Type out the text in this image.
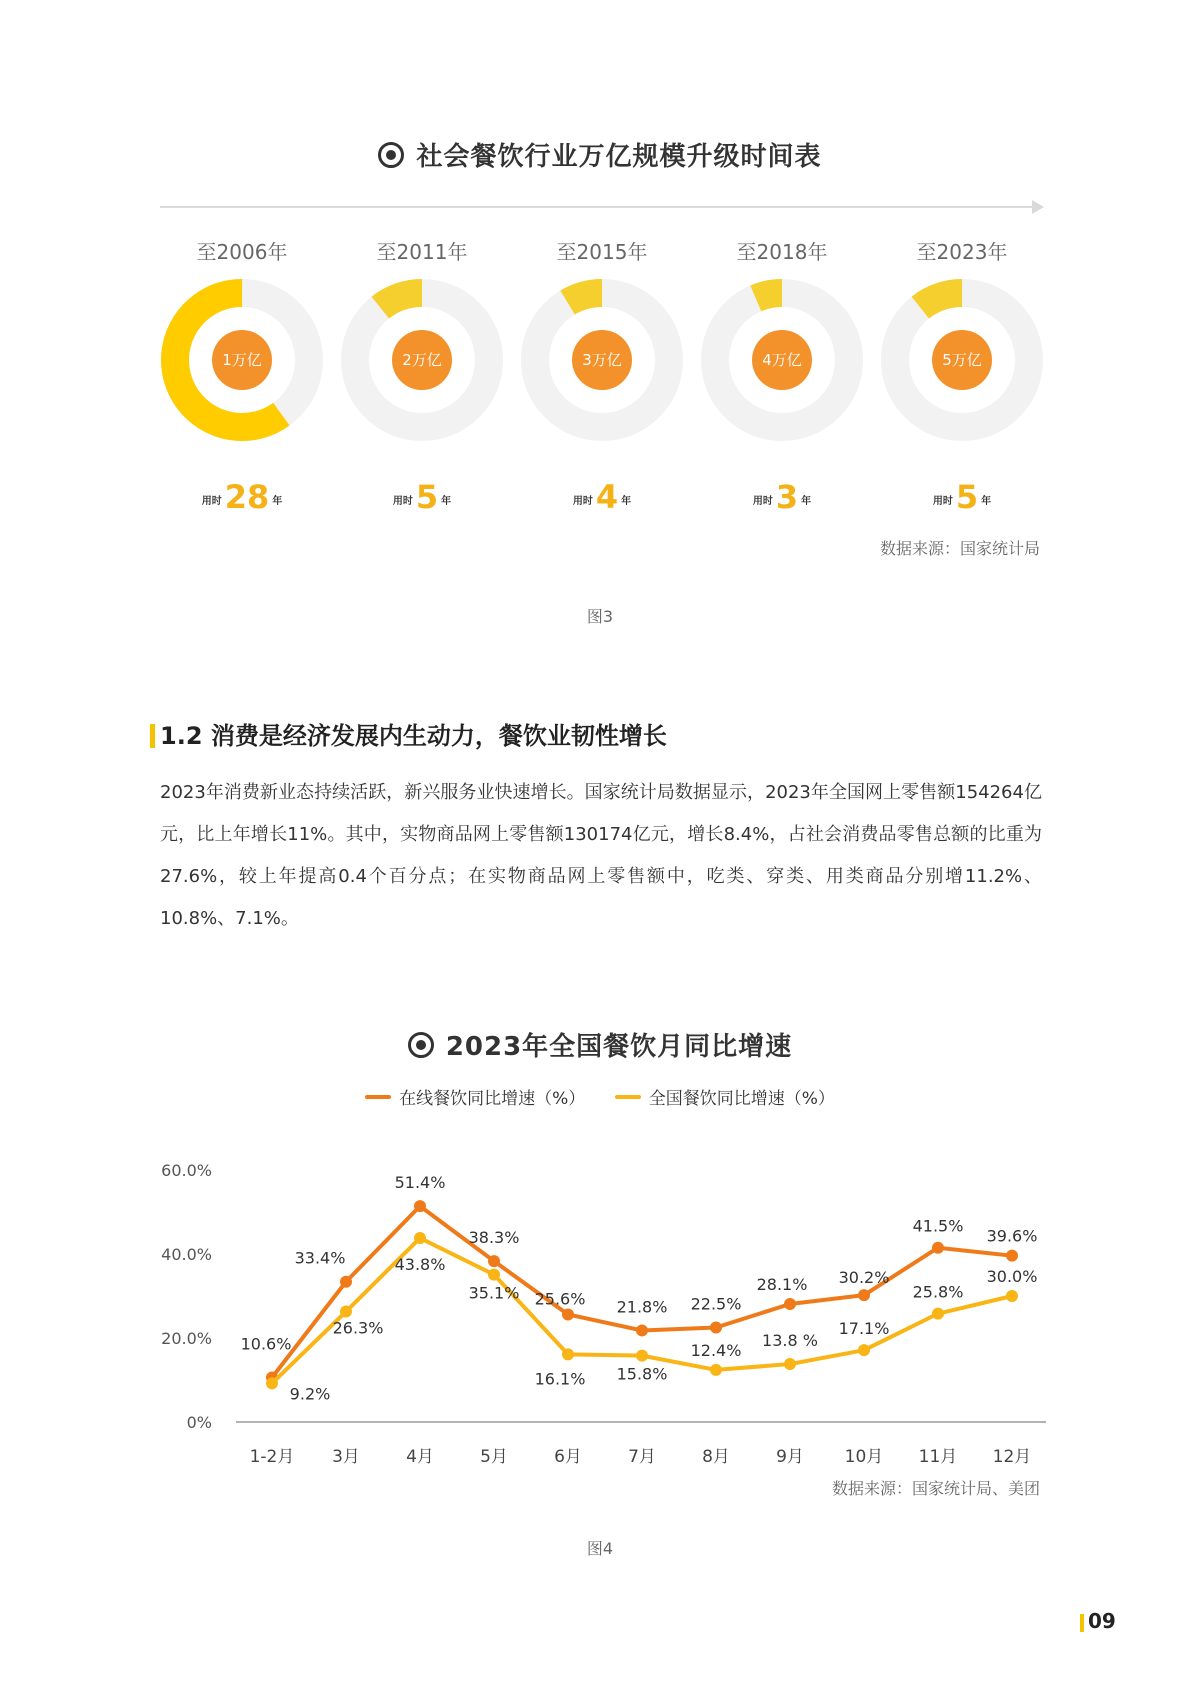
社会餐饮行业万亿规模升级时间表
至2006年
1万亿
用时28 年
至2011年
2万亿
用时5 年
至2015年
3万亿
用时4 年
至2018年
4万亿
用时3 年
至2023年
5万亿
用时5 年
数据来源：国家统计局
图3
1.2 消费是经济发展内生动力，餐饮业韧性增长
2023年消费新业态持续活跃，新兴服务业快速增长。国家统计局数据显示，2023年全国网上零售额154264亿元，比上年增长11%。其中，实物商品网上零售额130174亿元，增长8.4%，占社会消费品零售总额的比重为27.6%，较上年提高0.4个百分点；在实物商品网上零售额中，吃类、穿类、用类商品分别增11.2%、10.8%、7.1%。
2023年全国餐饮月同比增速
在线餐饮同比增速（%）	全国餐饮同比增速（%）
60.0%
40.0%
20.0%
0%
1-2月 3月	4月	5月	6月	7月	8月	9月 10月 11月 12月
10.6%
33.4%
51.4%
38.3%
25.6% 21.8% 22.5%
28.1% 30.2%
41.5%
39.6%
9.2%
26.3%
43.8%
35.1%
16.1% 15.8%
12.4%
13.8 %
17.1%
25.8%
30.0%
数据来源：国家统计局、美团
图4
09
